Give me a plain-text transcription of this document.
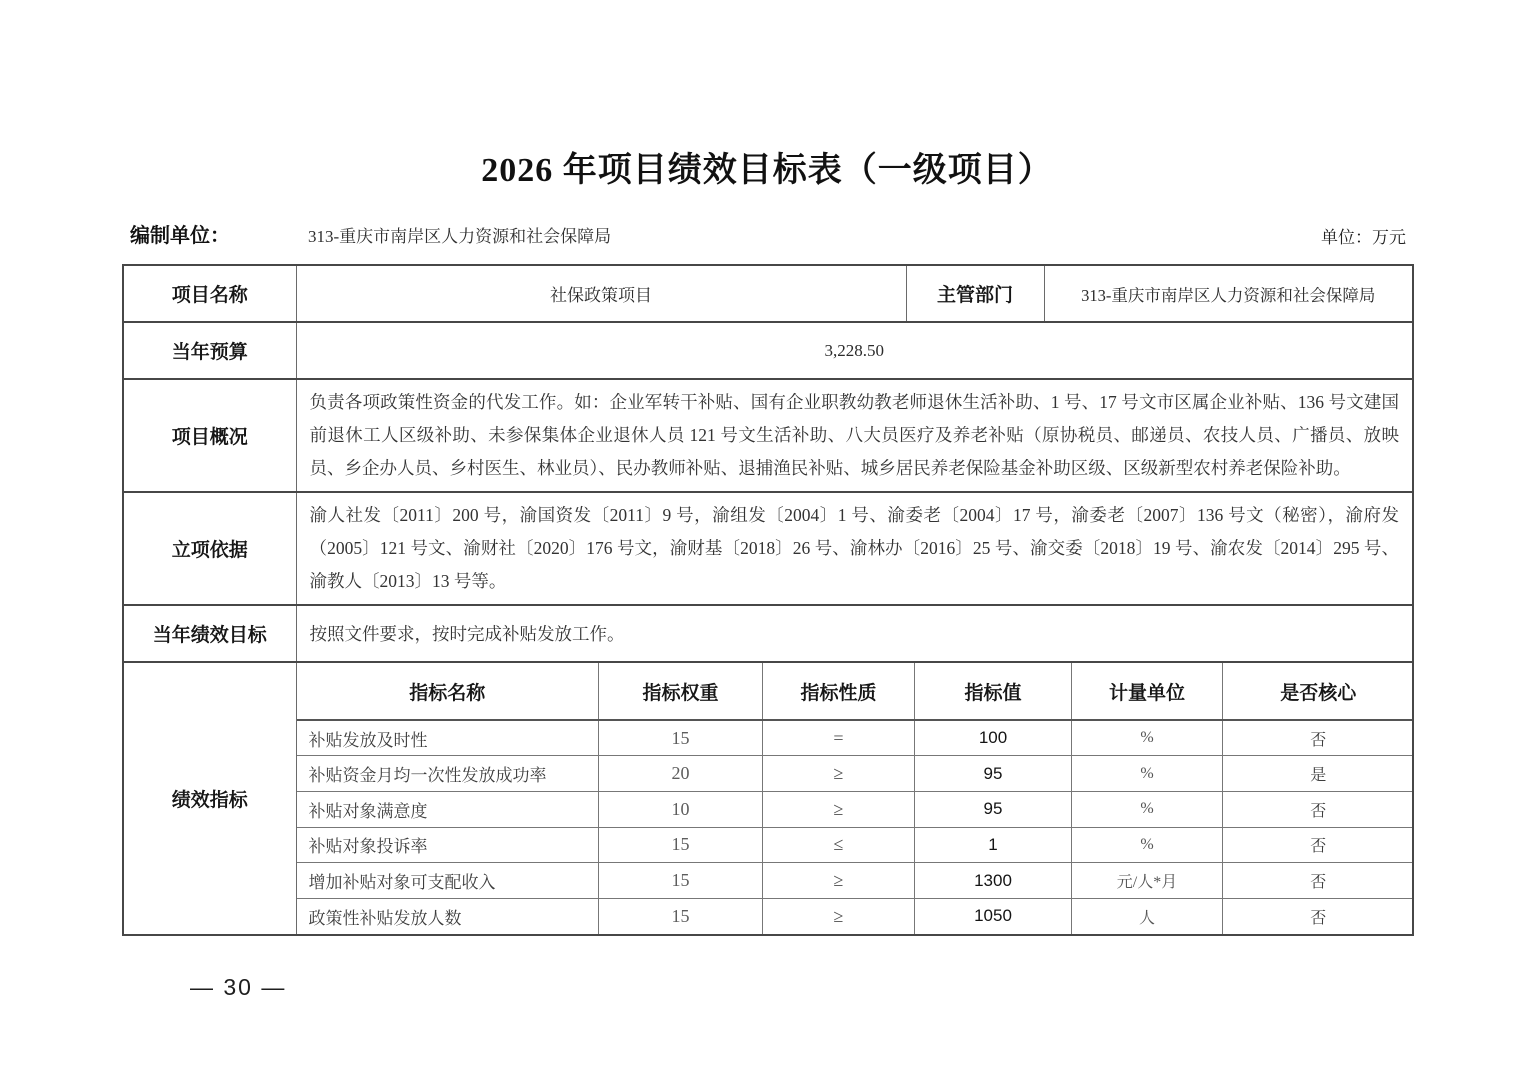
2026 年项目绩效目标表（一级项目）
编制单位：	313-重庆市南岸区人力资源和社会保障局	单位：万元
项目名称	社保政策项目	主管部门	313-重庆市南岸区人力资源和社会保障局
当年预算	3,228.50
项目概况	负责各项政策性资金的代发工作。如：企业军转干补贴、国有企业职教幼教老师退休生活补助、1 号、17 号文市区属企业补贴、136 号文建国前退休工人区级补助、未参保集体企业退休人员 121 号文生活补助、八大员医疗及养老补贴（原协税员、邮递员、农技人员、广播员、放映员、乡企办人员、乡村医生、林业员）、民办教师补贴、退捕渔民补贴、城乡居民养老保险基金补助区级、区级新型农村养老保险补助。
立项依据	渝人社发〔2011〕200 号，渝国资发〔2011〕9 号，渝组发〔2004〕1 号、渝委老〔2004〕17 号，渝委老〔2007〕136 号文（秘密），渝府发（2005〕121 号文、渝财社〔2020〕176 号文，渝财基〔2018〕26 号、渝林办〔2016〕25 号、渝交委〔2018〕19 号、渝农发〔2014〕295 号、渝教人〔2013〕13 号等。
当年绩效目标	按照文件要求，按时完成补贴发放工作。
绩效指标	
指标名称	指标权重	指标性质	指标值	计量单位	是否核心
补贴发放及时性	15	=	100	%	否
补贴资金月均一次性发放成功率	20	≥	95	%	是
补贴对象满意度	10	≥	95	%	否
补贴对象投诉率	15	≤	1	%	否
增加补贴对象可支配收入	15	≥	1300	元/人*月	否
政策性补贴发放人数	15	≥	1050	人	否
— 30 —
